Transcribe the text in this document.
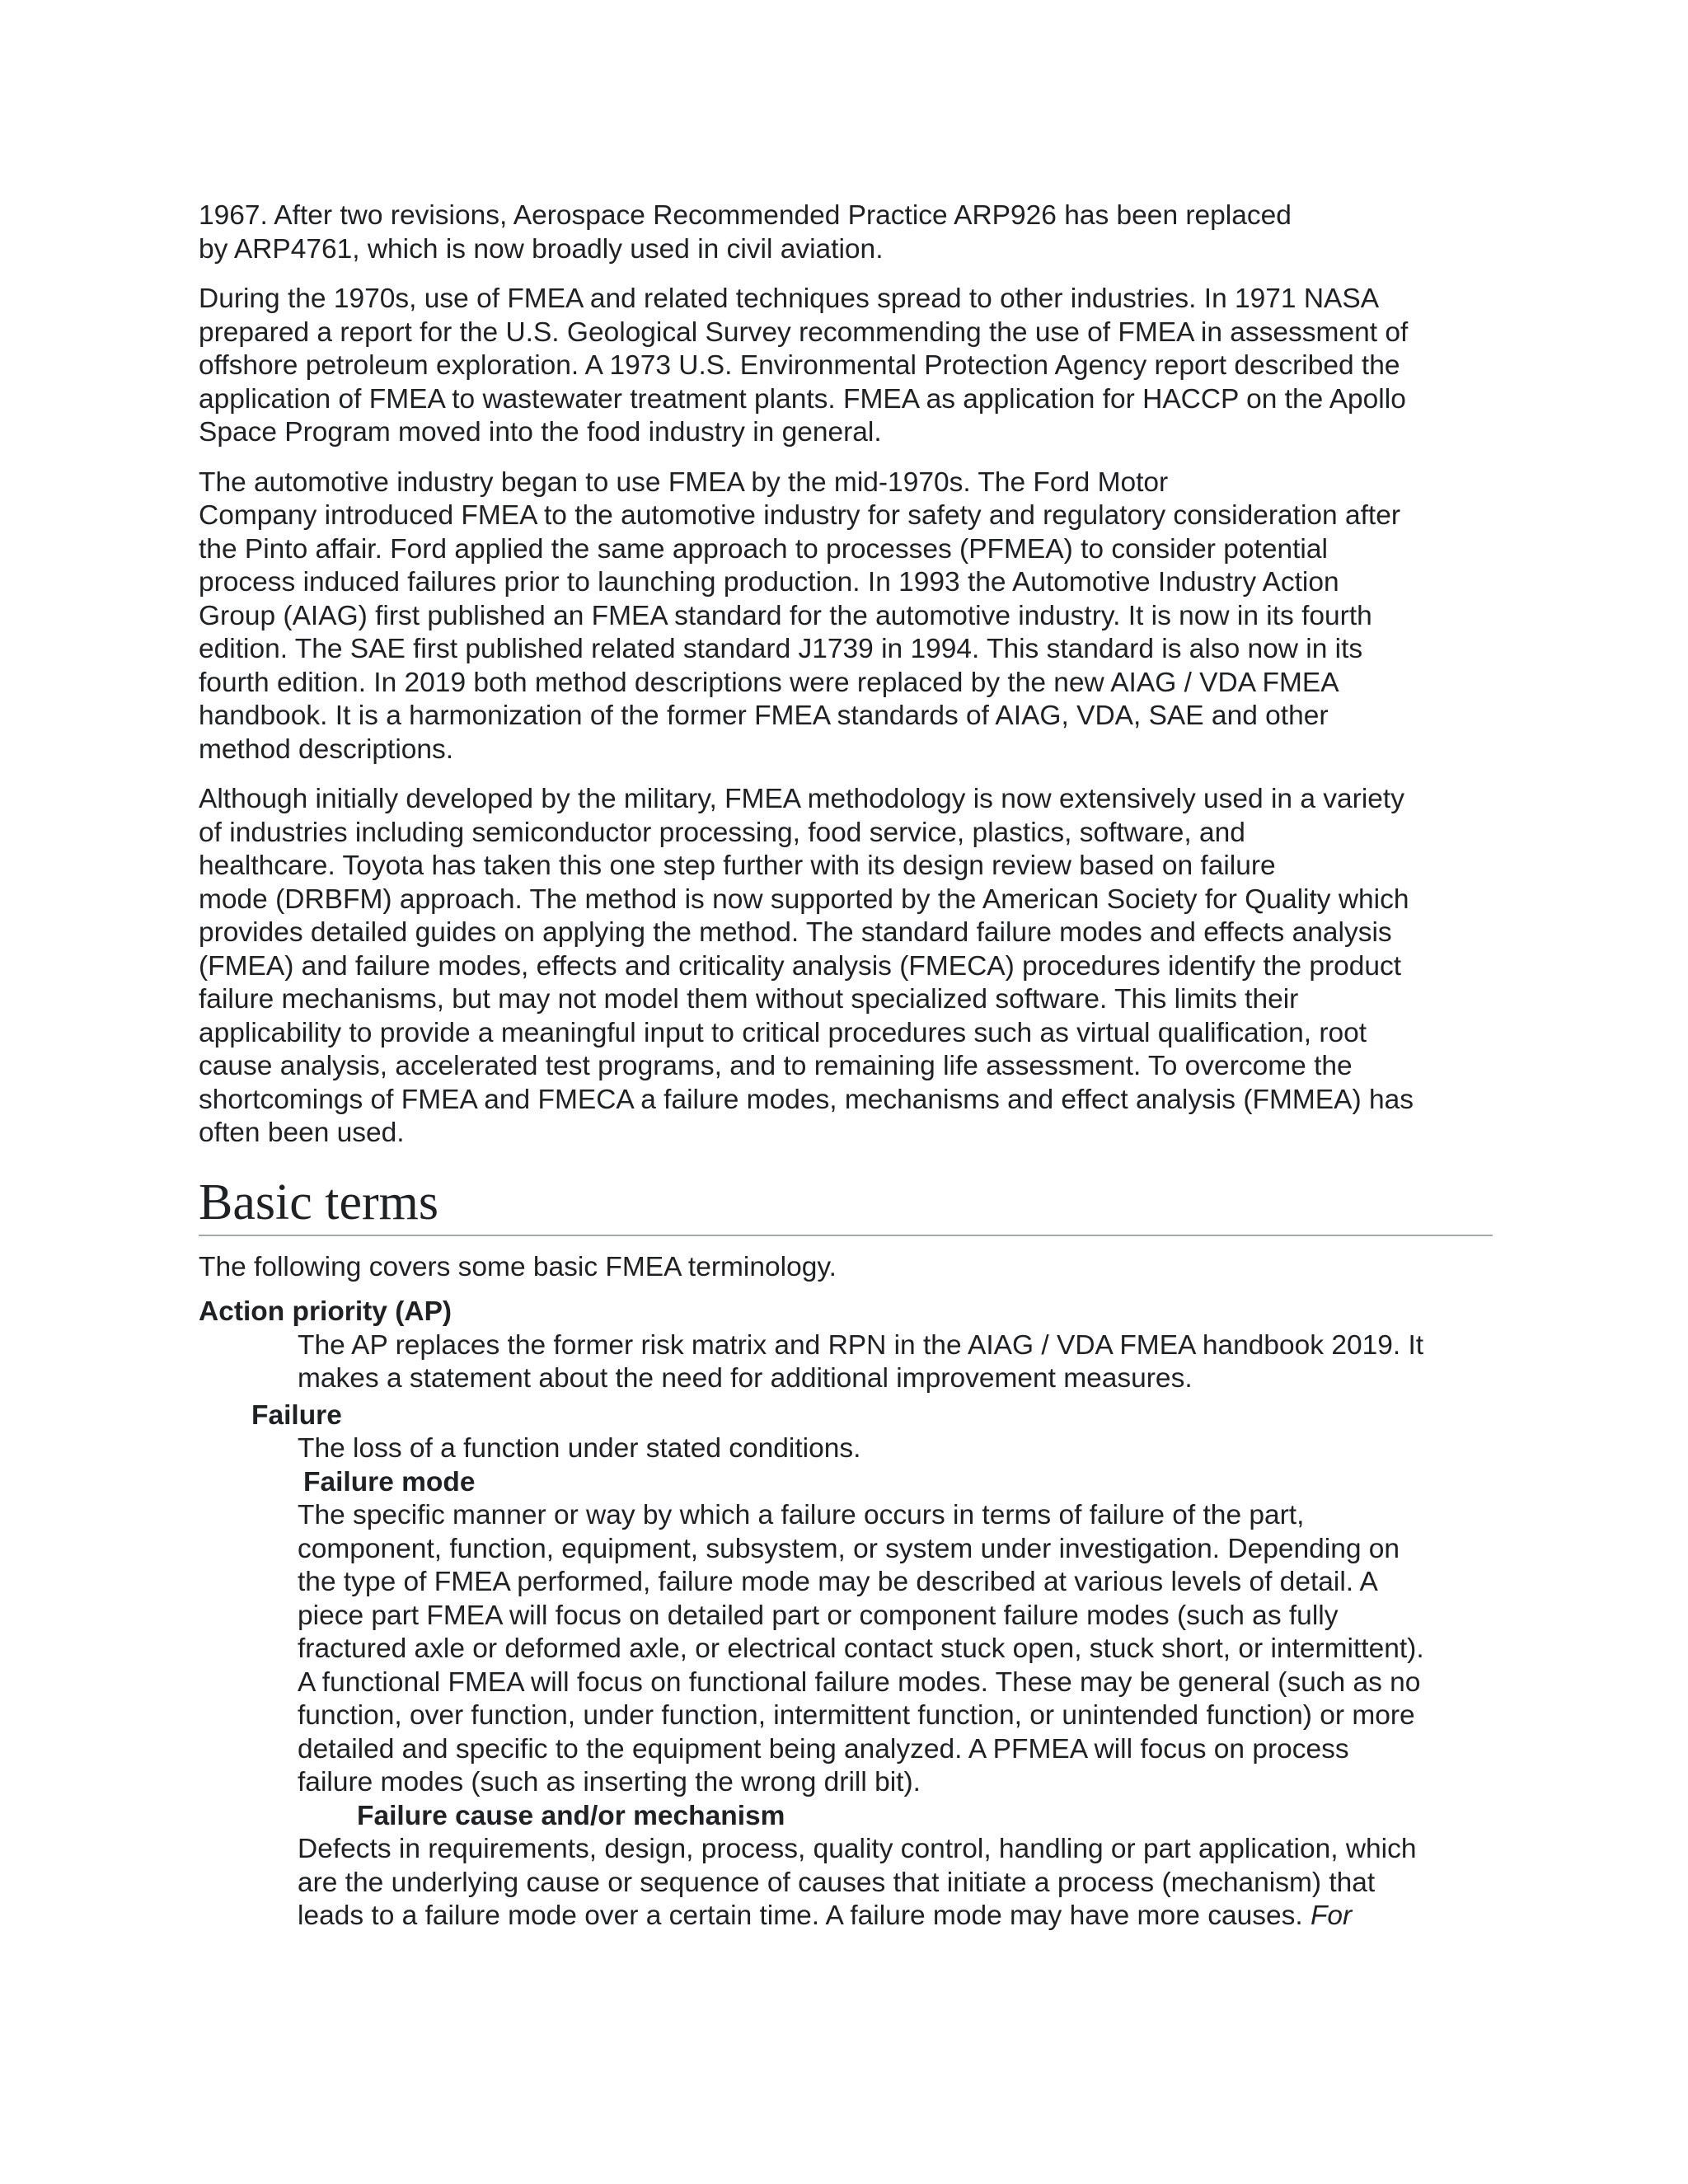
1967. After two revisions, Aerospace Recommended Practice ARP926 has been replaced
by ARP4761, which is now broadly used in civil aviation.
During the 1970s, use of FMEA and related techniques spread to other industries. In 1971 NASA
prepared a report for the U.S. Geological Survey recommending the use of FMEA in assessment of
offshore petroleum exploration. A 1973 U.S. Environmental Protection Agency report described the
application of FMEA to wastewater treatment plants. FMEA as application for HACCP on the Apollo
Space Program moved into the food industry in general.
The automotive industry began to use FMEA by the mid-1970s. The Ford Motor
Company introduced FMEA to the automotive industry for safety and regulatory consideration after
the Pinto affair. Ford applied the same approach to processes (PFMEA) to consider potential
process induced failures prior to launching production. In 1993 the Automotive Industry Action
Group (AIAG) first published an FMEA standard for the automotive industry. It is now in its fourth
edition. The SAE first published related standard J1739 in 1994. This standard is also now in its
fourth edition. In 2019 both method descriptions were replaced by the new AIAG / VDA FMEA
handbook. It is a harmonization of the former FMEA standards of AIAG, VDA, SAE and other
method descriptions.
Although initially developed by the military, FMEA methodology is now extensively used in a variety
of industries including semiconductor processing, food service, plastics, software, and
healthcare. Toyota has taken this one step further with its design review based on failure
mode (DRBFM) approach. The method is now supported by the American Society for Quality which
provides detailed guides on applying the method. The standard failure modes and effects analysis
(FMEA) and failure modes, effects and criticality analysis (FMECA) procedures identify the product
failure mechanisms, but may not model them without specialized software. This limits their
applicability to provide a meaningful input to critical procedures such as virtual qualification, root
cause analysis, accelerated test programs, and to remaining life assessment. To overcome the
shortcomings of FMEA and FMECA a failure modes, mechanisms and effect analysis (FMMEA) has
often been used.
Basic terms
The following covers some basic FMEA terminology.
Action priority (AP)
The AP replaces the former risk matrix and RPN in the AIAG / VDA FMEA handbook 2019. It
makes a statement about the need for additional improvement measures.
Failure
The loss of a function under stated conditions.
Failure mode
The specific manner or way by which a failure occurs in terms of failure of the part,
component, function, equipment, subsystem, or system under investigation. Depending on
the type of FMEA performed, failure mode may be described at various levels of detail. A
piece part FMEA will focus on detailed part or component failure modes (such as fully
fractured axle or deformed axle, or electrical contact stuck open, stuck short, or intermittent).
A functional FMEA will focus on functional failure modes. These may be general (such as no
function, over function, under function, intermittent function, or unintended function) or more
detailed and specific to the equipment being analyzed. A PFMEA will focus on process
failure modes (such as inserting the wrong drill bit).
Failure cause and/or mechanism
Defects in requirements, design, process, quality control, handling or part application, which
are the underlying cause or sequence of causes that initiate a process (mechanism) that
leads to a failure mode over a certain time. A failure mode may have more causes. For
